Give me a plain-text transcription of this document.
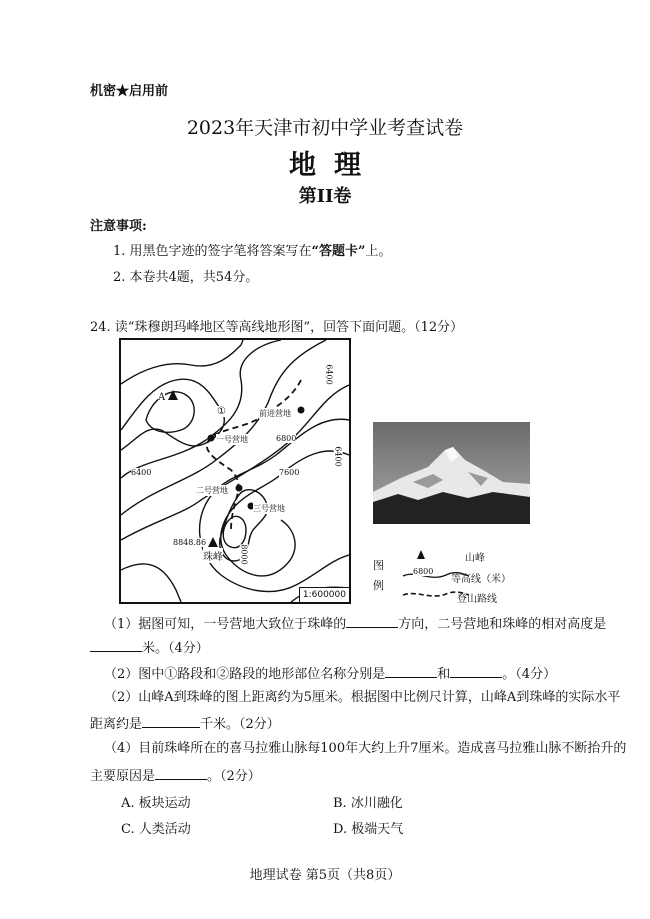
机密★启用前
2023年天津市初中学业考查试卷
地理
第II卷
注意事项:
1. 用黑色字迹的签字笔将答案写在“答题卡”上。
2. 本卷共4题，共54分。
24. 读“珠穆朗玛峰地区等高线地形图”，回答下面问题。（12分）
A
①	前进营地
一号营地
二号营地
三号营地
8848.86
珠峰
6400
6800
7600
6400
6400
8000
1:600000
图例
6800
山峰
等高线（米）
登山路线
（1）据图可知，一号营地大致位于珠峰的	方向，二号营地和珠峰的相对高度是
米。（4分）
（2）图中①路段和②路段的地形部位名称分别是	和	。（4分）
（2）山峰A到珠峰的图上距离约为5厘米。根据图中比例尺计算，山峰A到珠峰的实际水平
距离约是	千米。（2分）
（4）目前珠峰所在的喜马拉雅山脉每100年大约上升7厘米。造成喜马拉雅山脉不断抬升的
主要原因是	。（2分）
A. 板块运动	B. 冰川融化
C. 人类活动	D. 极端天气
地理试卷 第5页（共8页）
